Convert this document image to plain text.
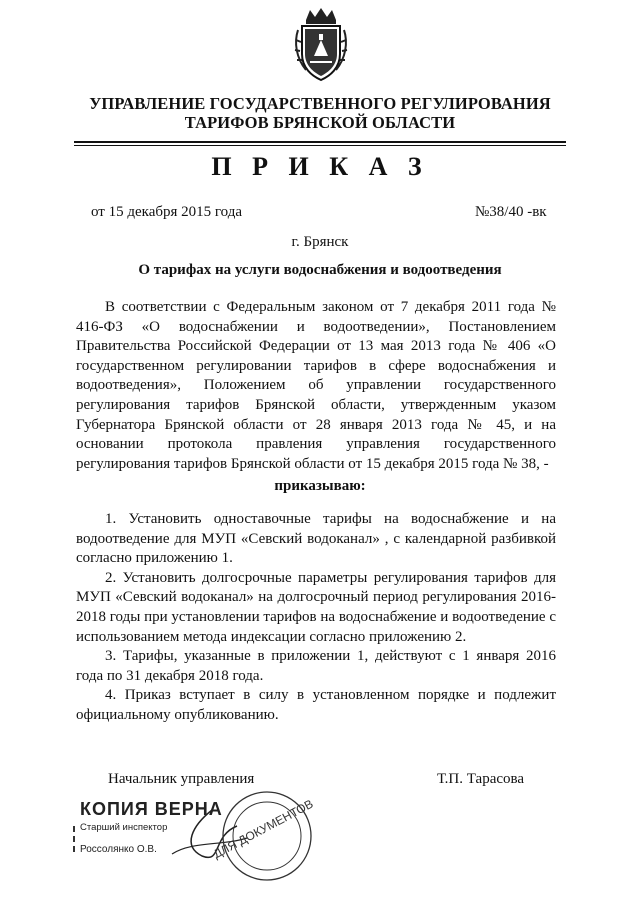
УПРАВЛЕНИЕ ГОСУДАРСТВЕННОГО РЕГУЛИРОВАНИЯ
ТАРИФОВ БРЯНСКОЙ ОБЛАСТИ
П Р И К А З
от 15 декабря 2015 года	№38/40 -вк
г. Брянск
О тарифах на услуги водоснабжения и водоотведения

В соответствии с Федеральным законом от 7 декабря 2011 года № 416-ФЗ «О водоснабжении и водоотведении», Постановлением Правительства Российской Федерации от 13 мая 2013 года № 406 «О государственном регулировании тарифов в сфере водоснабжения и водоотведения», Положением об управлении государственного регулирования тарифов Брянской области, утвержденным указом Губернатора Брянской области от 28 января 2013 года № 45, и на основании протокола правления управления государственного регулирования тарифов Брянской области от 15 декабря 2015 года № 38, -

приказываю:

1. Установить одноставочные тарифы на водоснабжение и на водоотведение для МУП «Севский водоканал» , с календарной разбивкой согласно приложению 1.

2. Установить долгосрочные параметры регулирования тарифов для МУП «Севский водоканал» на долгосрочный период регулирования 2016-2018 годы при установлении тарифов на водоснабжение и водоотведение с использованием метода индексации согласно приложению 2.

3. Тарифы, указанные в приложении 1, действуют с 1 января 2016 года по 31 декабря 2018 года.

4. Приказ вступает в силу в установленном порядке и подлежит официальному опубликованию.

Начальник управления	Т.П. Тарасова
ДЛЯ ДОКУМЕНТОВ
КОПИЯ ВЕРНА
Старший инспектор
Россолянко О.В.
